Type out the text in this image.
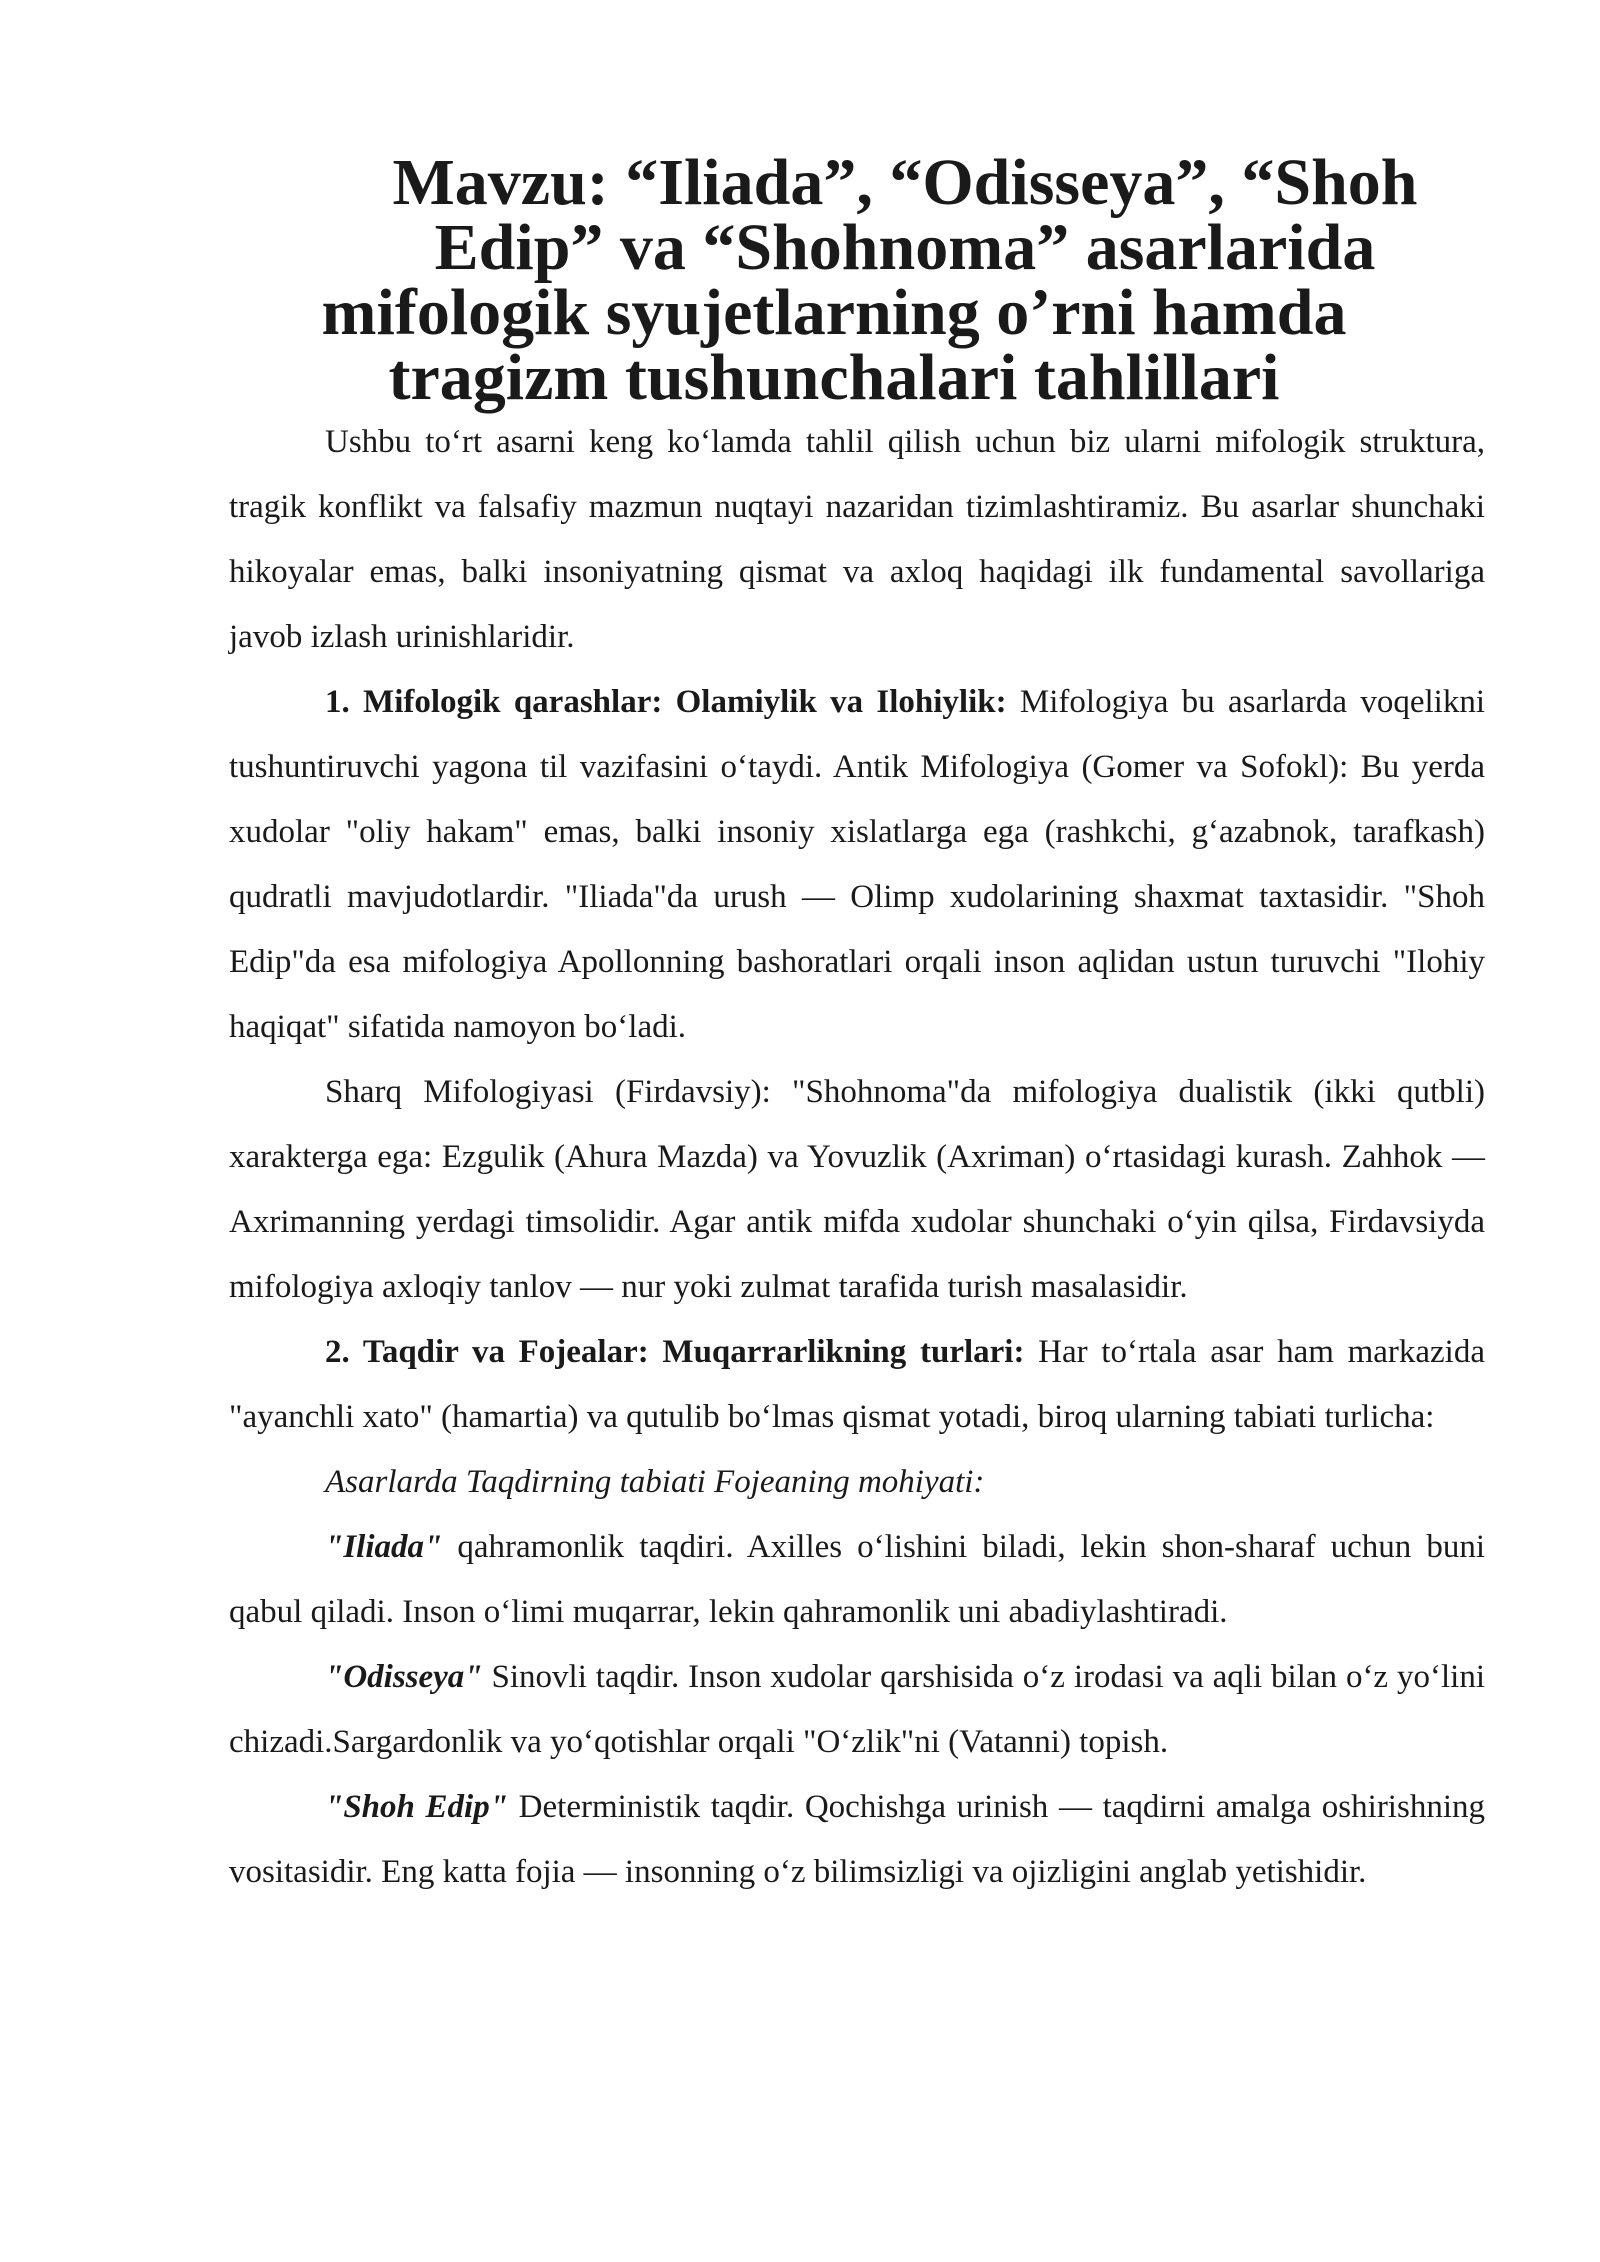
Mavzu: “Iliada”, “Odisseya”, “Shoh Edip” va “Shohnoma” asarlarida
mifologik syujetlarning o’rni hamda tragizm tushunchalari tahlillari

Ushbu to‘rt asarni keng ko‘lamda tahlil qilish uchun biz ularni mifologik struktura, tragik konflikt va falsafiy mazmun nuqtayi nazaridan tizimlashtiramiz. Bu asarlar shunchaki hikoyalar emas, balki insoniyatning qismat va axloq haqidagi ilk fundamental savollariga javob izlash urinishlaridir.

1. Mifologik qarashlar: Olamiylik va Ilohiylik: Mifologiya bu asarlarda voqelikni tushuntiruvchi yagona til vazifasini o‘taydi. Antik Mifologiya (Gomer va Sofokl): Bu yerda xudolar "oliy hakam" emas, balki insoniy xislatlarga ega (rashkchi, g‘azabnok, tarafkash) qudratli mavjudotlardir. "Iliada"da urush — Olimp xudolarining shaxmat taxtasidir. "Shoh Edip"da esa mifologiya Apollonning bashoratlari orqali inson aqlidan ustun turuvchi "Ilohiy haqiqat" sifatida namoyon bo‘ladi.

Sharq Mifologiyasi (Firdavsiy): "Shohnoma"da mifologiya dualistik (ikki qutbli) xarakterga ega: Ezgulik (Ahura Mazda) va Yovuzlik (Axriman) o‘rtasidagi kurash. Zahhok — Axrimanning yerdagi timsolidir. Agar antik mifda xudolar shunchaki o‘yin qilsa, Firdavsiyda mifologiya axloqiy tanlov — nur yoki zulmat tarafida turish masalasidir.

2. Taqdir va Fojealar: Muqarrarlikning turlari: Har to‘rtala asar ham markazida "ayanchli xato" (hamartia) va qutulib bo‘lmas qismat yotadi, biroq ularning tabiati turlicha:

Asarlarda Taqdirning tabiati Fojeaning mohiyati:

"Iliada" qahramonlik taqdiri. Axilles o‘lishini biladi, lekin shon-sharaf uchun buni qabul qiladi. Inson o‘limi muqarrar, lekin qahramonlik uni abadiylashtiradi.

"Odisseya" Sinovli taqdir. Inson xudolar qarshisida o‘z irodasi va aqli bilan o‘z yo‘lini chizadi.Sargardonlik va yo‘qotishlar orqali "O‘zlik"ni (Vatanni) topish.

"Shoh Edip" Deterministik taqdir. Qochishga urinish — taqdirni amalga oshirishning vositasidir. Eng katta fojia — insonning o‘z bilimsizligi va ojizligini anglab yetishidir.
